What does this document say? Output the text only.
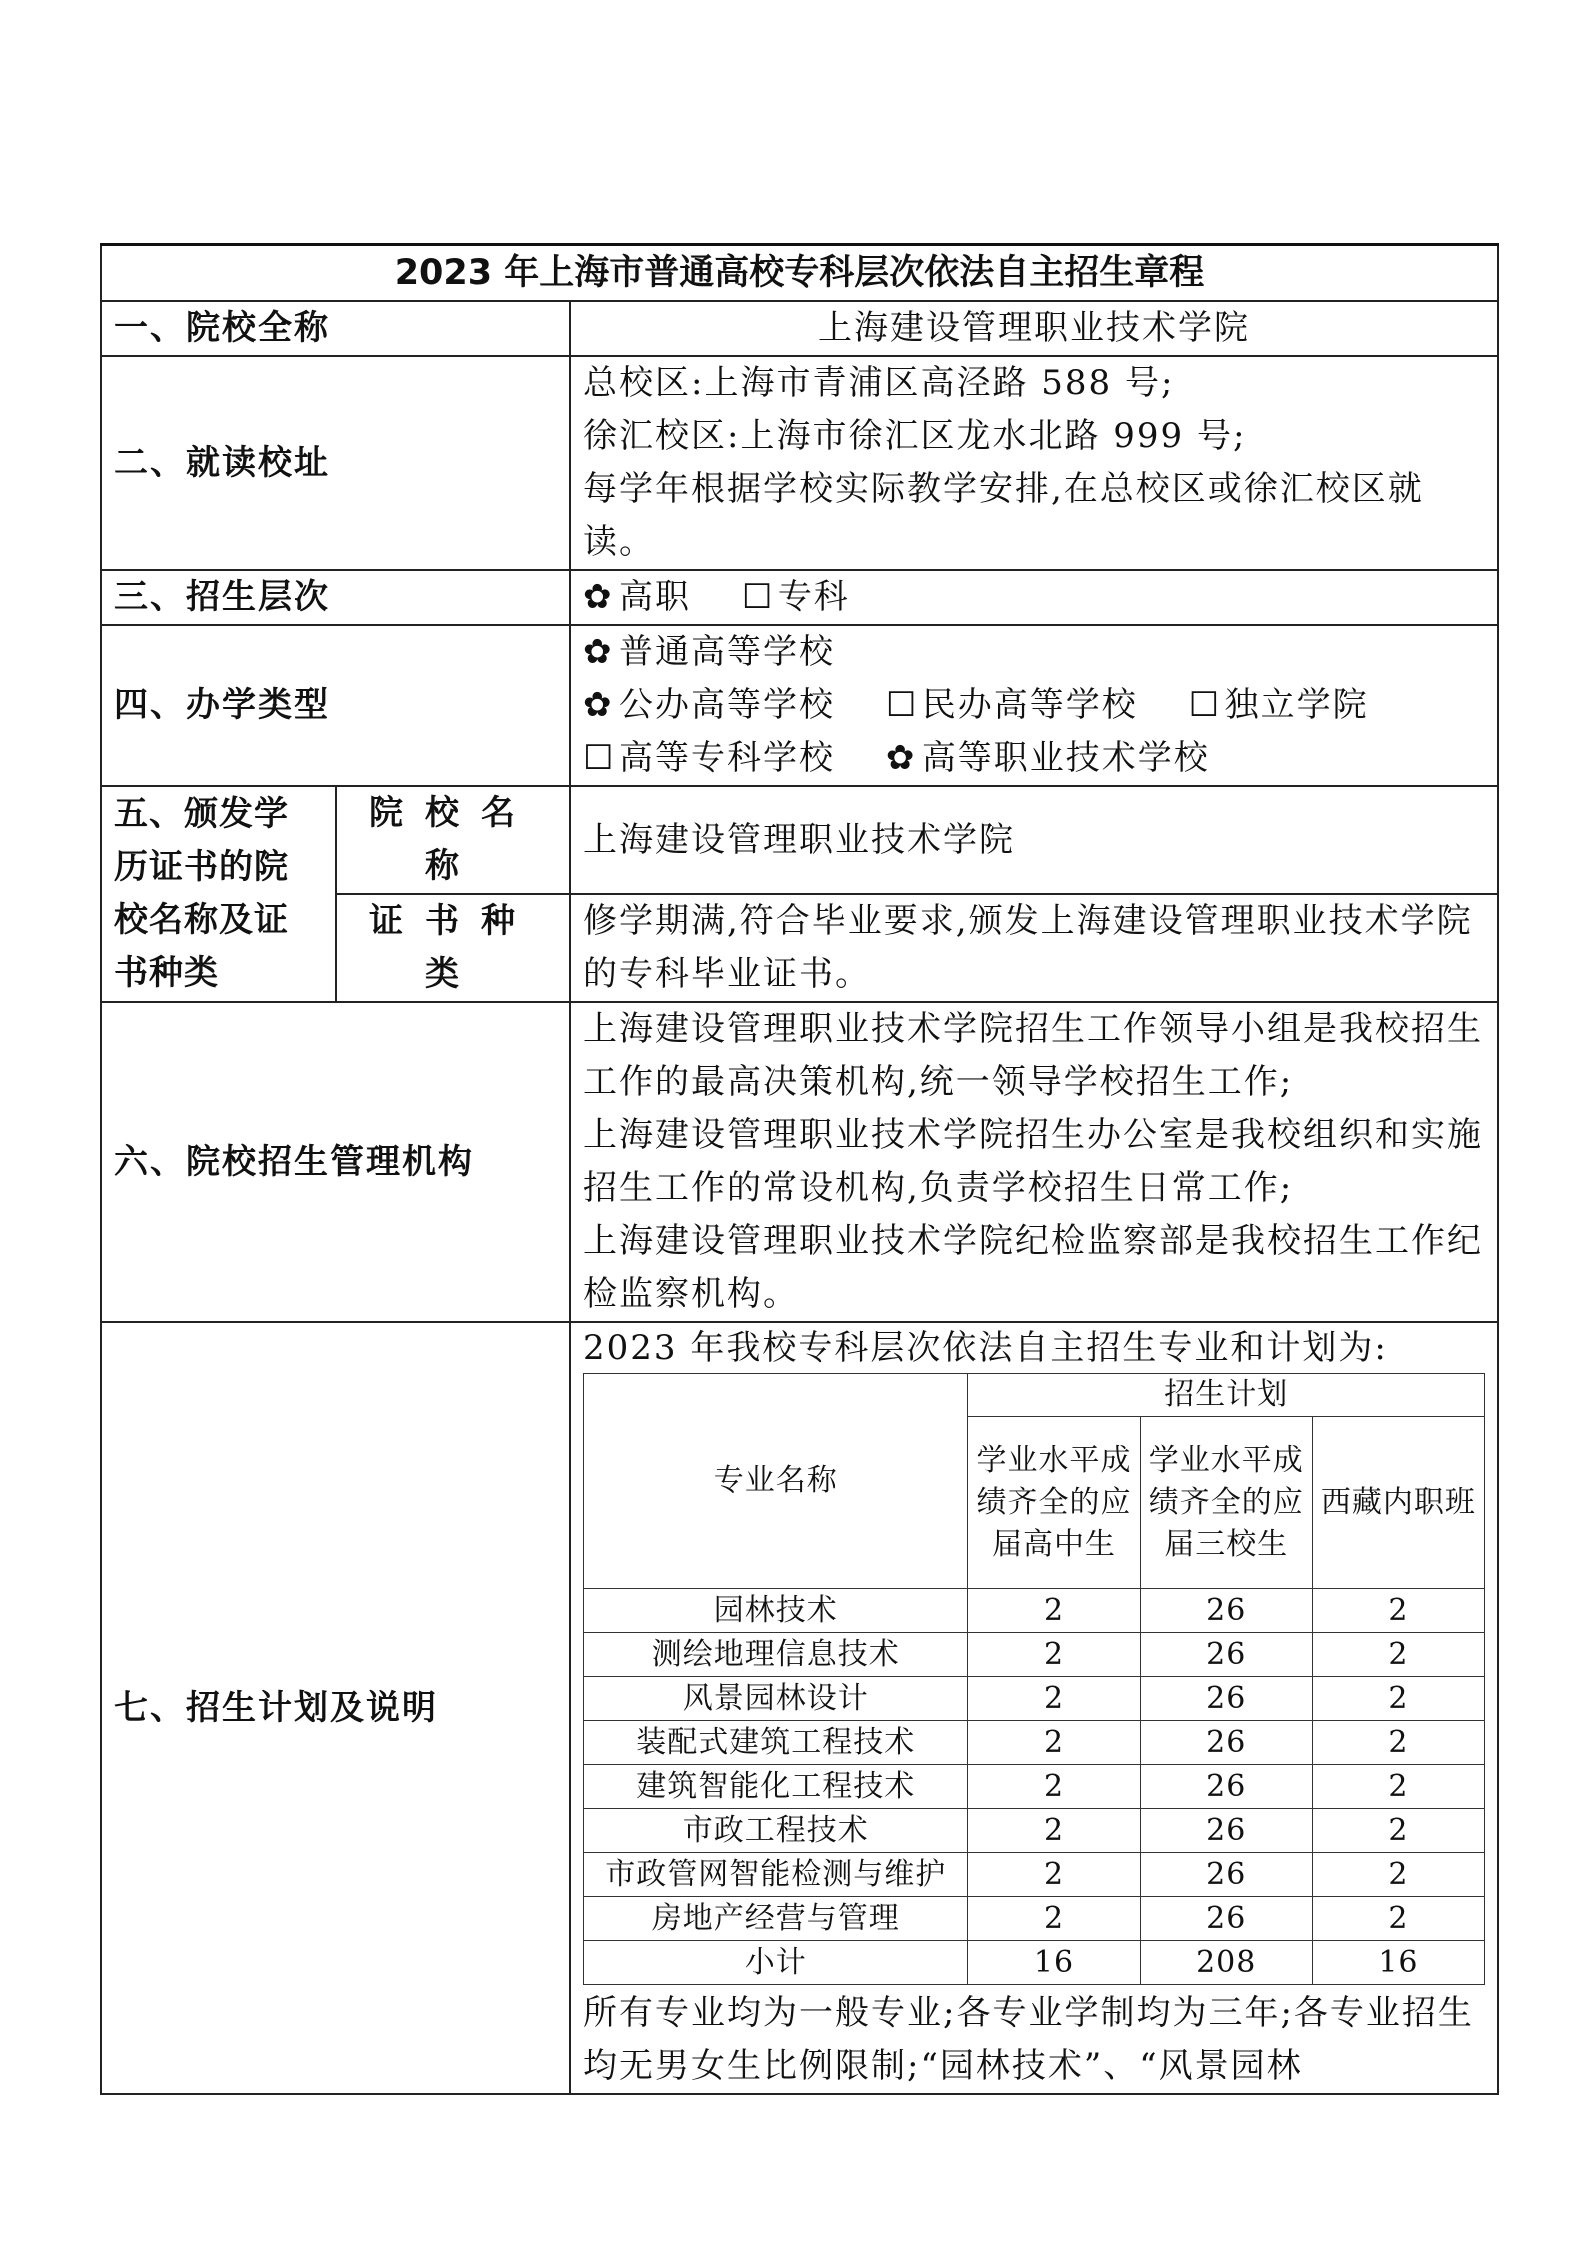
2023 年上海市普通高校专科层次依法自主招生章程
一、院校全称	上海建设管理职业技术学院
二、就读校址	
总校区:上海市青浦区高泾路 588 号;
徐汇校区:上海市徐汇区龙水北路 999 号;
每学年根据学校实际教学安排,在总校区或徐汇校区就读。

三、招生层次	✿ 高职 ☐ 专科
四、办学类型	
✿ 普通高等学校
✿ 公办高等学校 ☐ 民办高等学校 ☐ 独立学院
☐ 高等专科学校 ✿ 高等职业技术学校

五、颁发学历证书的院校名称及证书种类	院校名称	上海建设管理职业技术学院
证书种类	修学期满,符合毕业要求,颁发上海建设管理职业技术学院的专科毕业证书。
六、院校招生管理机构	
上海建设管理职业技术学院招生工作领导小组是我校招生工作的最高决策机构,统一领导学校招生工作;
上海建设管理职业技术学院招生办公室是我校组织和实施招生工作的常设机构,负责学校招生日常工作;
上海建设管理职业技术学院纪检监察部是我校招生工作纪检监察机构。

七、招生计划及说明	
2023 年我校专科层次依法自主招生专业和计划为:
专业名称	招生计划
学业水平成绩齐全的应届高中生	学业水平成绩齐全的应届三校生	西藏内职班
园林技术	2	26	2
测绘地理信息技术	2	26	2
风景园林设计	2	26	2
装配式建筑工程技术	2	26	2
建筑智能化工程技术	2	26	2
市政工程技术	2	26	2
市政管网智能检测与维护	2	26	2
房地产经营与管理	2	26	2
小计	16	208	16
所有专业均为一般专业;各专业学制均为三年;各专业招生均无男女生比例限制;“园林技术”、“风景园林
